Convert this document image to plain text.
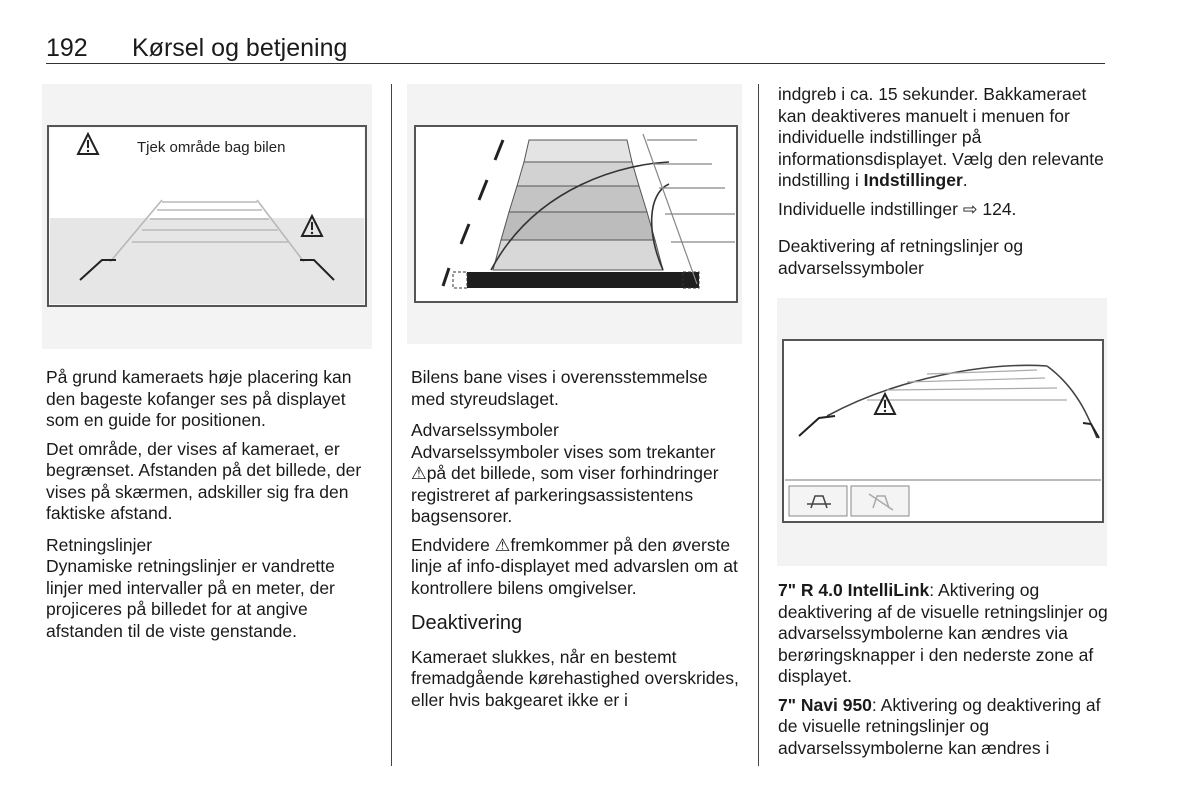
192 Kørsel og betjening
Tjek område bag bilen

På grund kameraets høje placering kan den bageste kofanger ses på displayet som en guide for positionen.

Det område, der vises af kameraet, er begrænset. Afstanden på det billede, der vises på skærmen, adskiller sig fra den faktiske afstand.

Retningslinjer

Dynamiske retningslinjer er vandrette linjer med intervaller på en meter, der projiceres på billedet for at angive afstanden til de viste genstande.

Bilens bane vises i overensstemmelse med styreudslaget.

Advarselssymboler

Advarselssymboler vises som trekanter ⚠på det billede, som viser forhindringer registreret af parkeringsassistentens bagsensorer.

Endvidere ⚠fremkommer på den øverste linje af info-displayet med advarslen om at kontrollere bilens omgivelser.

Deaktivering

Kameraet slukkes, når en bestemt fremadgående kørehastighed overskrides, eller hvis bakgearet ikke er i

indgreb i ca. 15 sekunder. Bakkameraet kan deaktiveres manuelt i menuen for individuelle indstillinger på informationsdisplayet. Vælg den relevante indstilling i Indstillinger.

Individuelle indstillinger ⇨ 124.

Deaktivering af retningslinjer og advarselssymboler

7" R 4.0 IntelliLink: Aktivering og deaktivering af de visuelle retningslinjer og advarselssymbolerne kan ændres via berøringsknapper i den nederste zone af displayet.

7" Navi 950: Aktivering og deaktivering af de visuelle retningslinjer og advarselssymbolerne kan ændres i
